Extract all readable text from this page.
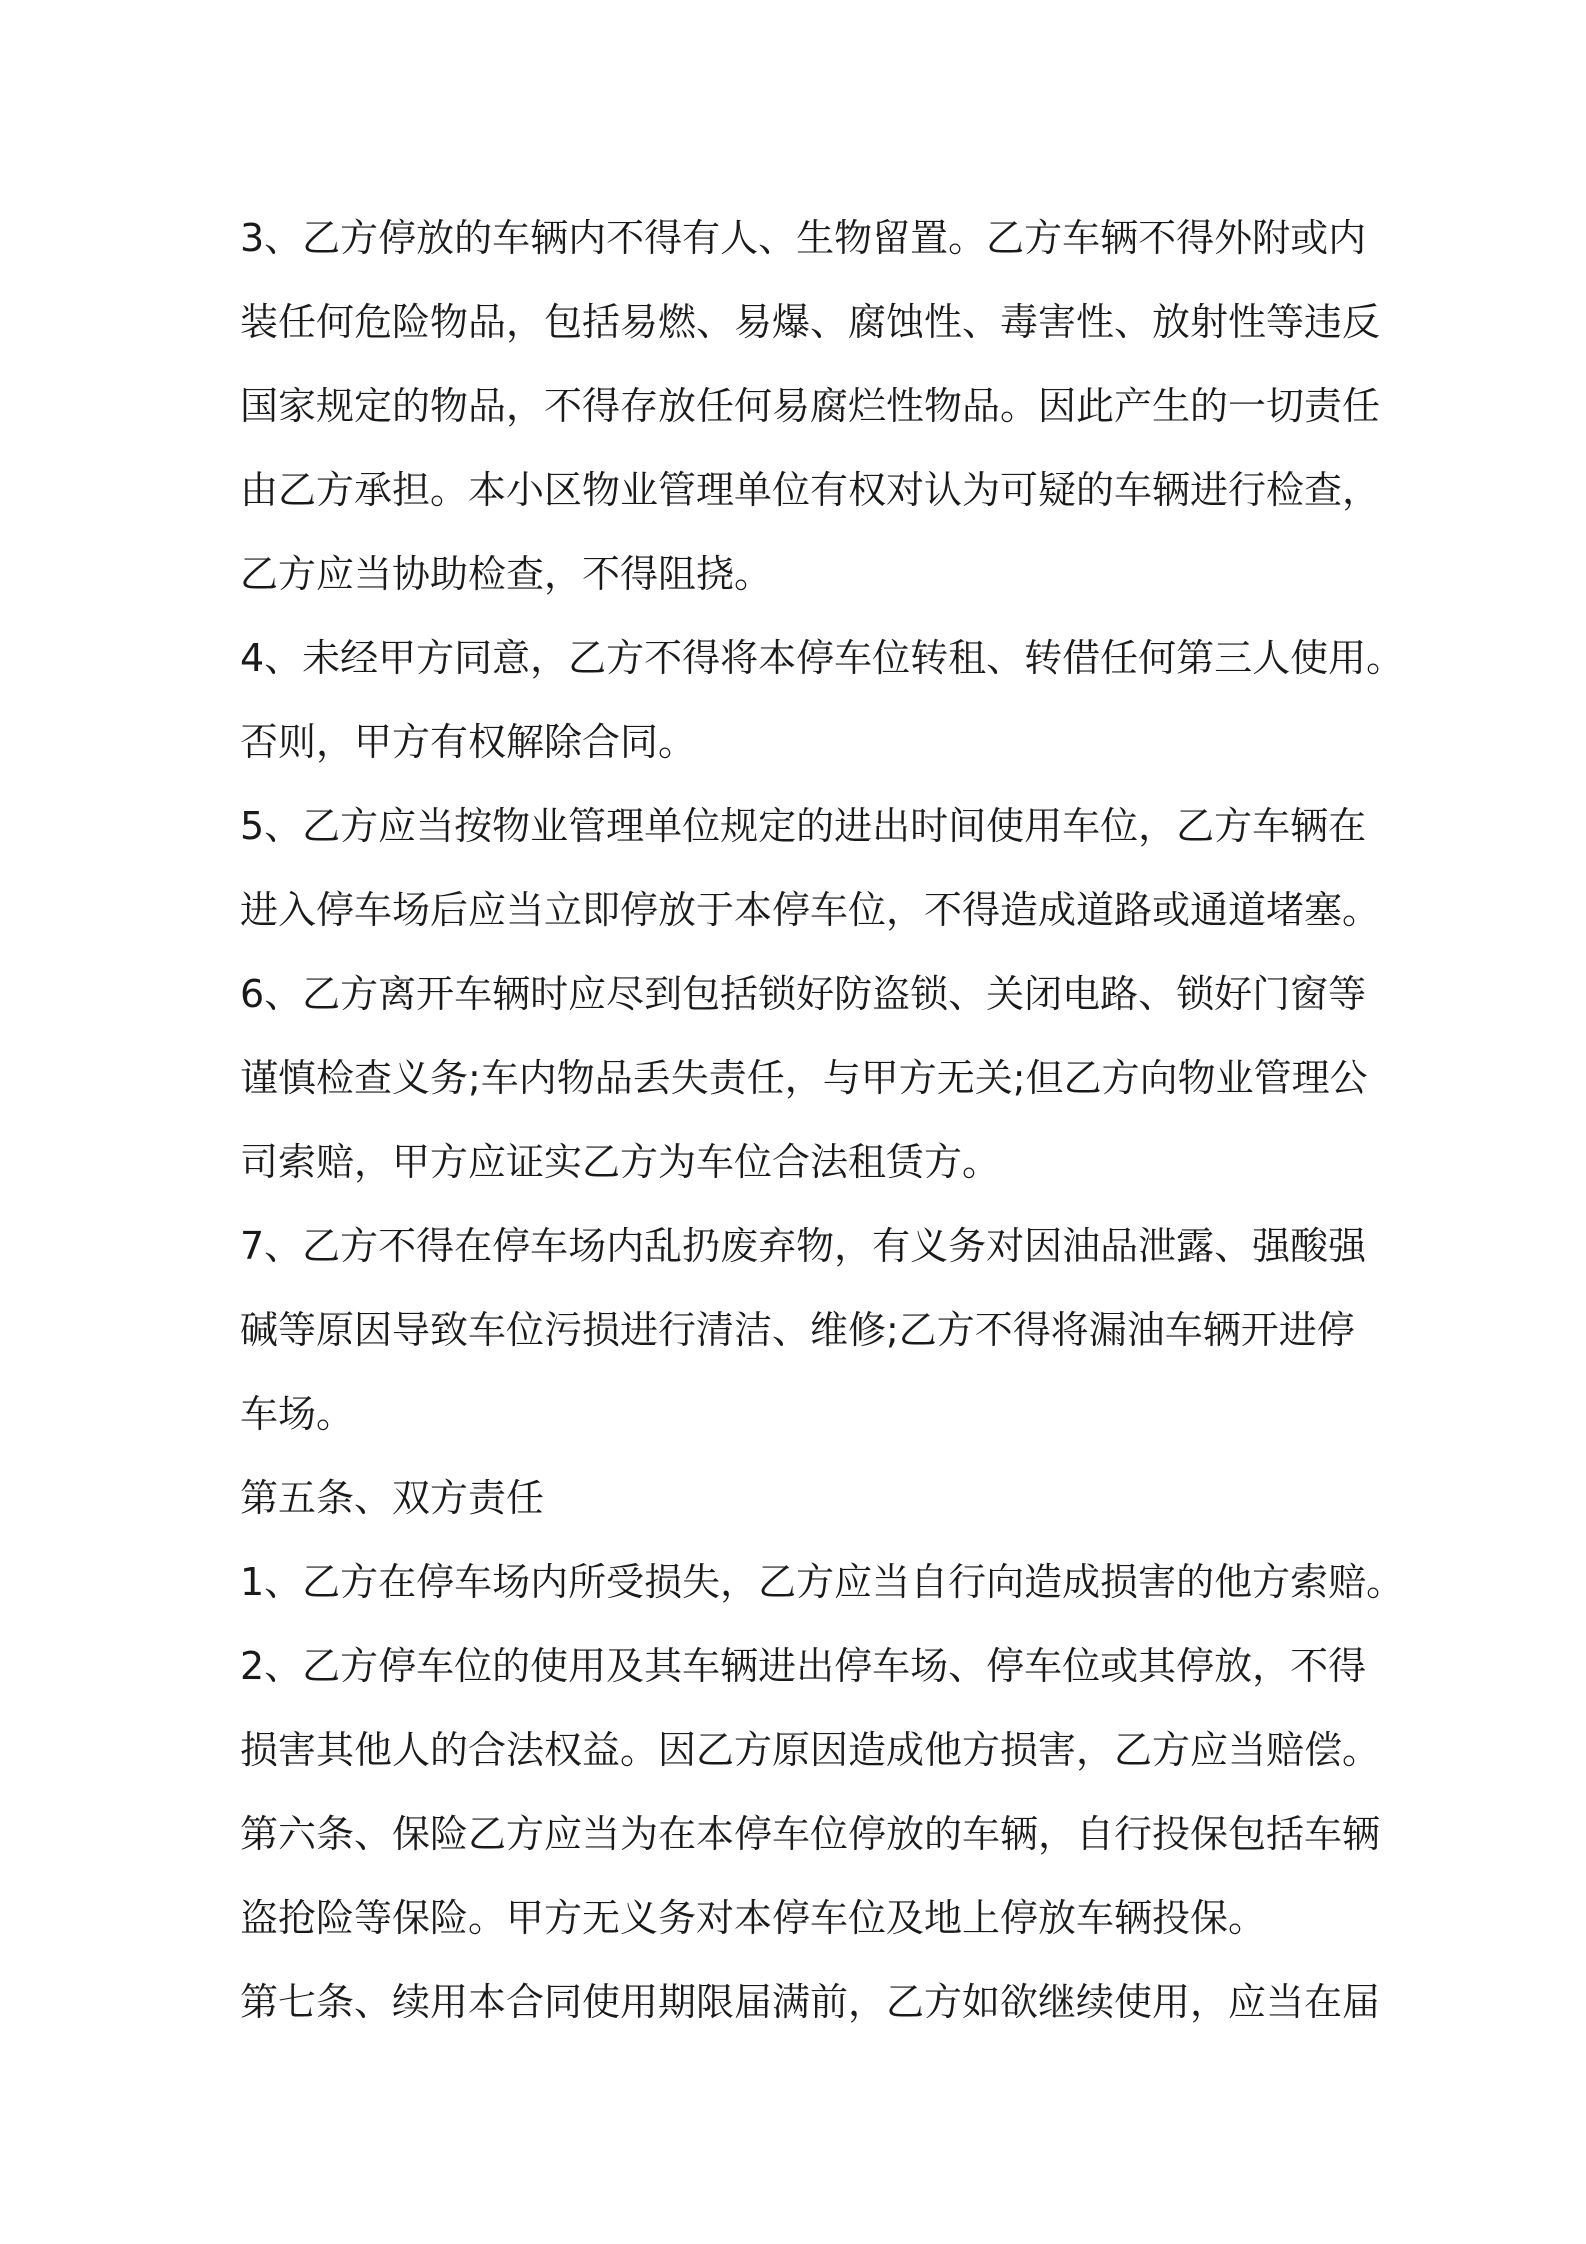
3、乙方停放的车辆内不得有人、生物留置。乙方车辆不得外附或内
装任何危险物品，包括易燃、易爆、腐蚀性、毒害性、放射性等违反
国家规定的物品，不得存放任何易腐烂性物品。因此产生的一切责任
由乙方承担。本小区物业管理单位有权对认为可疑的车辆进行检查，
乙方应当协助检查，不得阻挠。
4、未经甲方同意，乙方不得将本停车位转租、转借任何第三人使用。
否则，甲方有权解除合同。
5、乙方应当按物业管理单位规定的进出时间使用车位，乙方车辆在
进入停车场后应当立即停放于本停车位，不得造成道路或通道堵塞。
6、乙方离开车辆时应尽到包括锁好防盗锁、关闭电路、锁好门窗等
谨慎检查义务;车内物品丢失责任，与甲方无关;但乙方向物业管理公
司索赔，甲方应证实乙方为车位合法租赁方。
7、乙方不得在停车场内乱扔废弃物，有义务对因油品泄露、强酸强
碱等原因导致车位污损进行清洁、维修;乙方不得将漏油车辆开进停
车场。
第五条、双方责任
1、乙方在停车场内所受损失，乙方应当自行向造成损害的他方索赔。
2、乙方停车位的使用及其车辆进出停车场、停车位或其停放，不得
损害其他人的合法权益。因乙方原因造成他方损害，乙方应当赔偿。
第六条、保险乙方应当为在本停车位停放的车辆，自行投保包括车辆
盗抢险等保险。甲方无义务对本停车位及地上停放车辆投保。
第七条、续用本合同使用期限届满前，乙方如欲继续使用，应当在届
